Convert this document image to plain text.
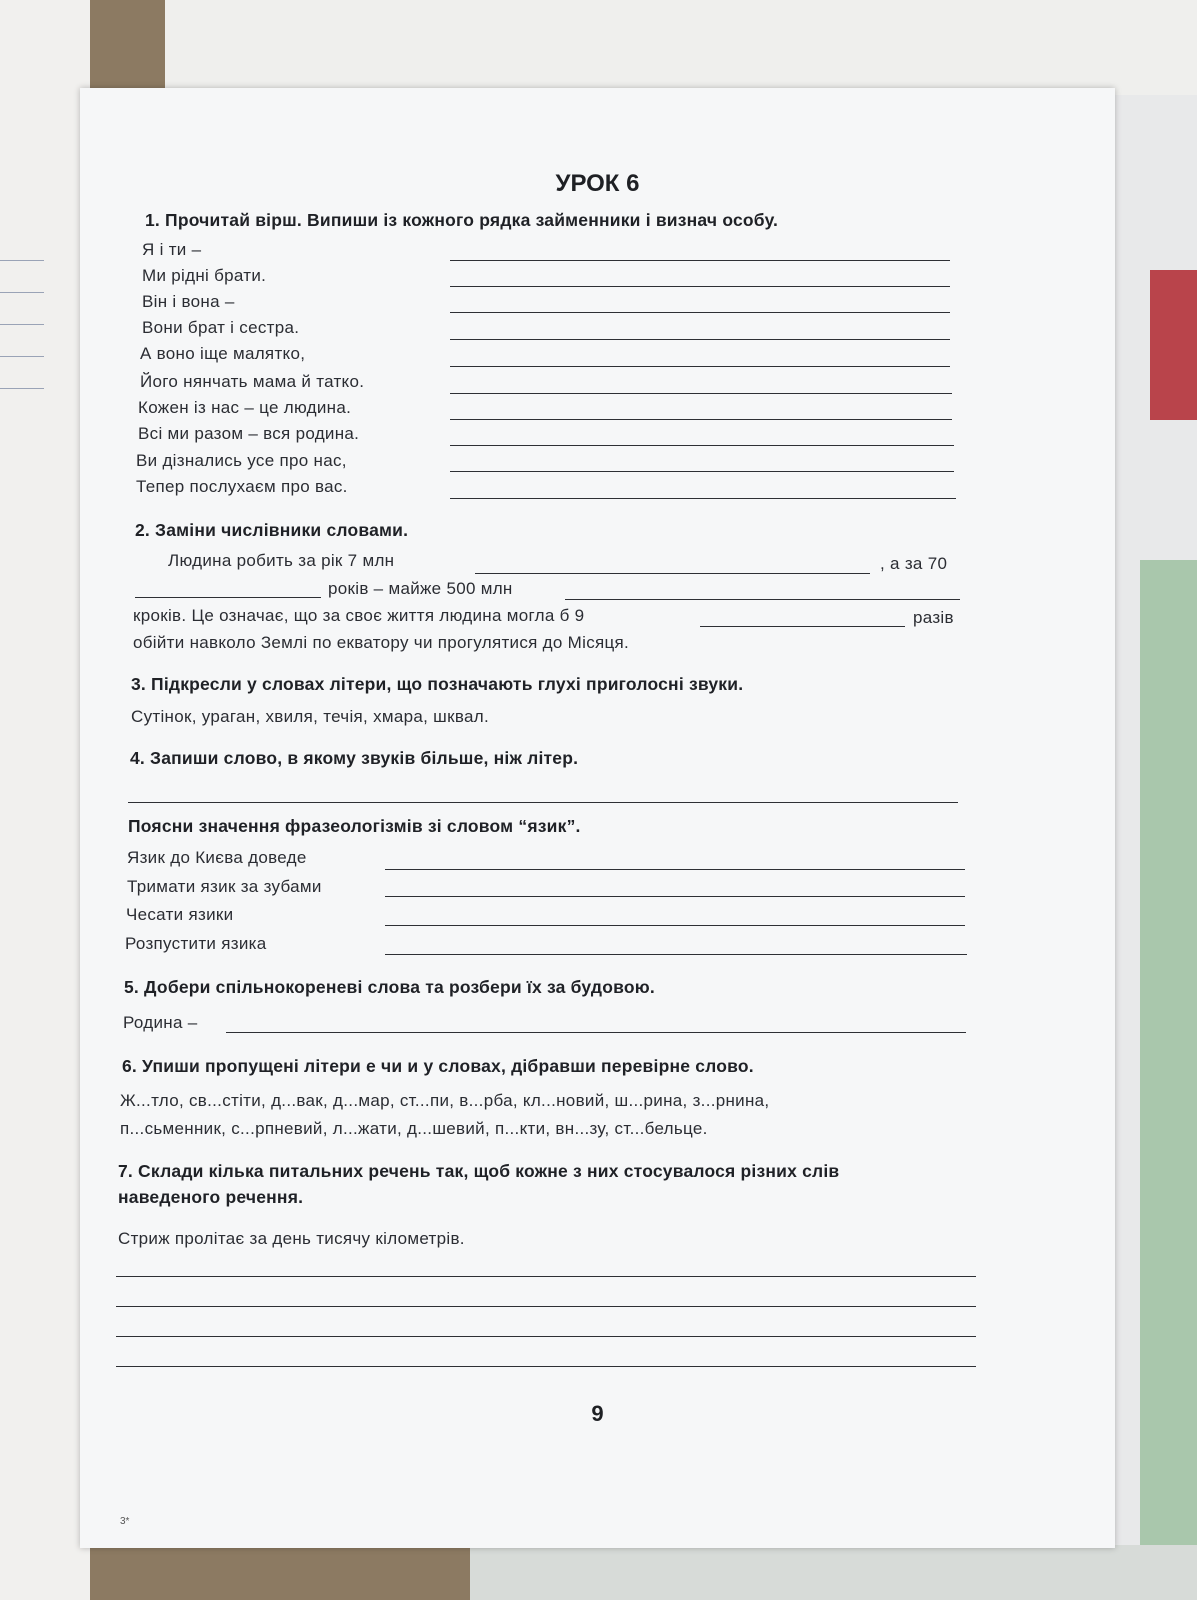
УРОК 6
1. Прочитай вірш. Випиши із кожного рядка займенники і визнач особу.
Я і ти –
Ми рідні брати.
Він і вона –
Вони брат і сестра.
А воно іще малятко,
Його нянчать мама й татко.
Кожен із нас – це людина.
Всі ми разом – вся родина.
Ви дізнались усе про нас,
Тепер послухаєм про вас.
2. Заміни числівники словами.
Людина робить за рік 7 млн	, а за 70
років – майже 500 млн
кроків. Це означає, що за своє життя людина могла б 9	разів
обійти навколо Землі по екватору чи прогулятися до Місяця.
3. Підкресли у словах літери, що позначають глухі приголосні звуки.
Сутінок, ураган, хвиля, течія, хмара, шквал.
4. Запиши слово, в якому звуків більше, ніж літер.
Поясни значення фразеологізмів зі словом “язик”.
Язик до Києва доведе
Тримати язик за зубами
Чесати язики
Розпустити язика
5. Добери спільнокореневі слова та розбери їх за будовою.
Родина –
6. Упиши пропущені літери е чи и у словах, дібравши перевірне слово.
Ж...тло, св...стіти, д...вак, д...мар, ст...пи, в...рба, кл...новий, ш...рина, з...рнина,
п...сьменник, с...рпневий, л...жати, д...шевий, п...кти, вн...зу, ст...бельце.
7. Склади кілька питальних речень так, щоб кожне з них стосувалося різних слів
наведеного речення.
Стриж пролітає за день тисячу кілометрів.
9
3*
